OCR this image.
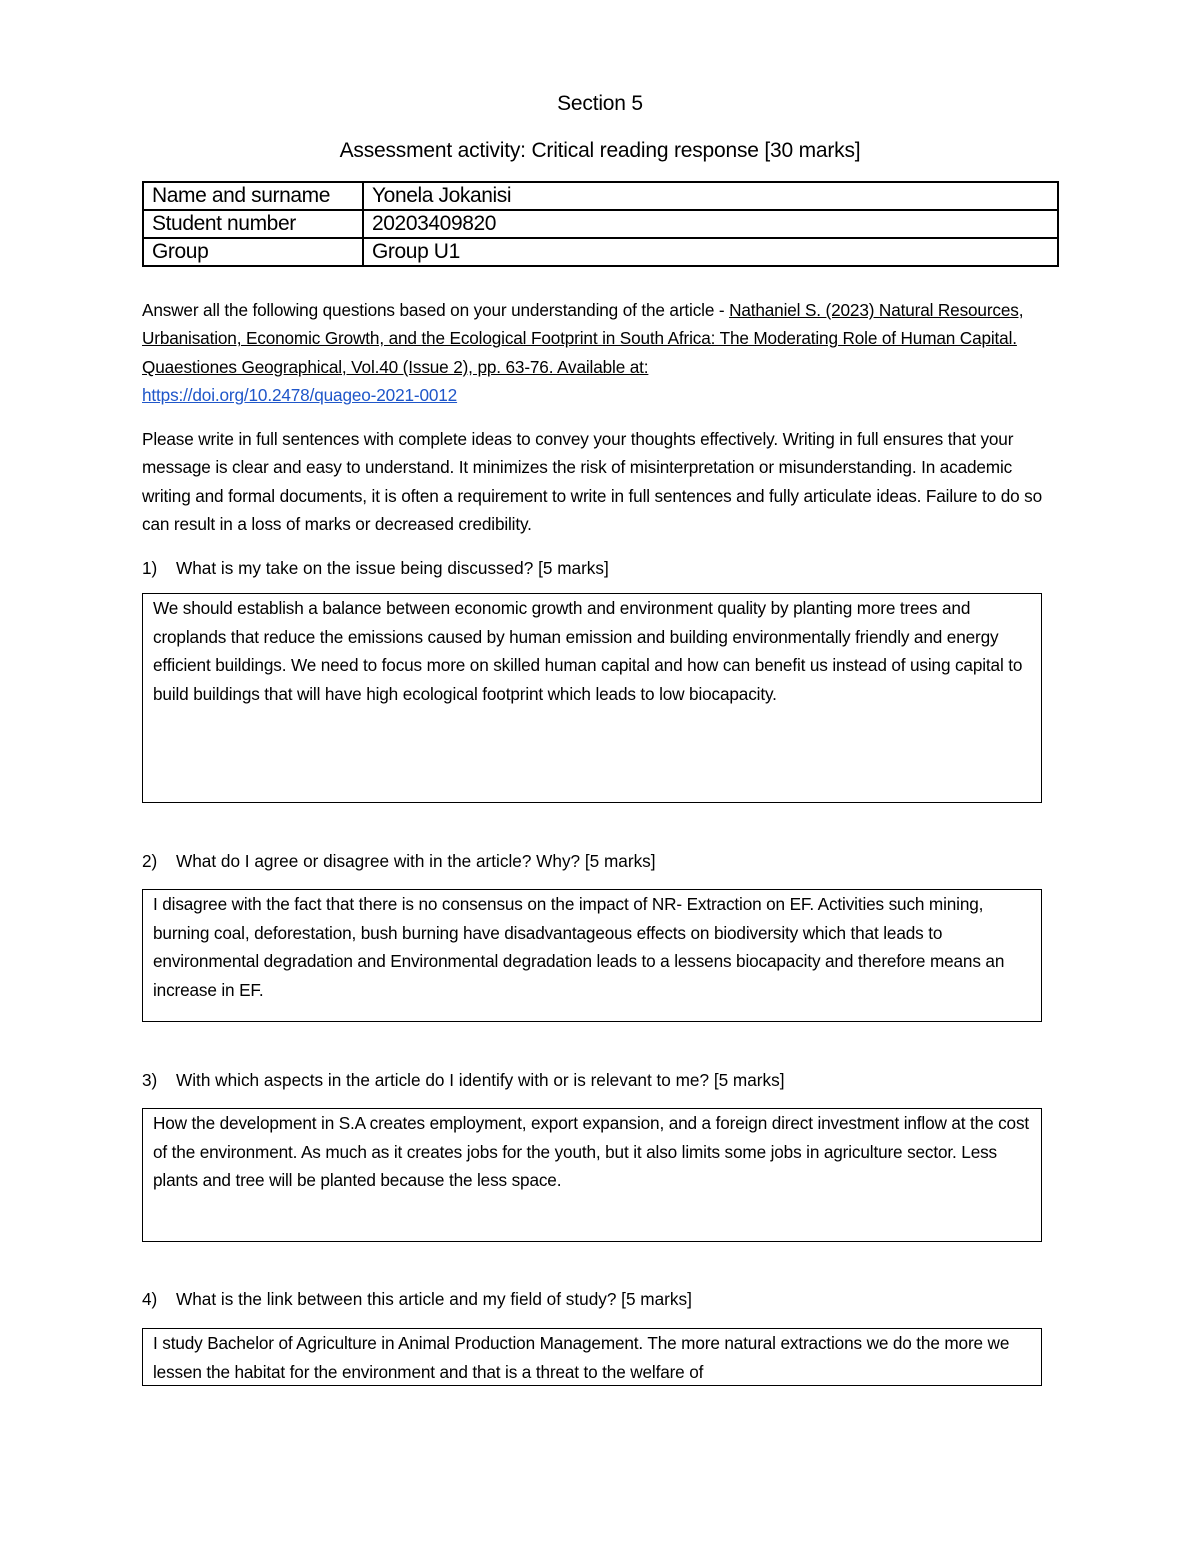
Section 5
Assessment activity: Critical reading response [30 marks]
Name and surname	Yonela Jokanisi
Student number	20203409820
Group	Group U1

Answer all the following questions based on your understanding of the article - Nathaniel S. (2023) Natural Resources, Urbanisation, Economic Growth, and the Ecological Footprint in South Africa: The Moderating Role of Human Capital. Quaestiones Geographical, Vol.40 (Issue 2), pp. 63-76. Available at:
https://doi.org/10.2478/quageo-2021-0012

Please write in full sentences with complete ideas to convey your thoughts effectively. Writing in full ensures that your message is clear and easy to understand. It minimizes the risk of misinterpretation or misunderstanding. In academic writing and formal documents, it is often a requirement to write in full sentences and fully articulate ideas. Failure to do so can result in a loss of marks or decreased credibility.

1) What is my take on the issue being discussed? [5 marks]
We should establish a balance between economic growth and environment quality by planting more trees and croplands that reduce the emissions caused by human emission and building environmentally friendly and energy efficient buildings. We need to focus more on skilled human capital and how can benefit us instead of using capital to build buildings that will have high ecological footprint which leads to low biocapacity.
2) What do I agree or disagree with in the article? Why? [5 marks]
I disagree with the fact that there is no consensus on the impact of NR- Extraction on EF. Activities such mining, burning coal, deforestation, bush burning have disadvantageous effects on biodiversity which that leads to environmental degradation and Environmental degradation leads to a lessens biocapacity and therefore means an increase in EF.
3) With which aspects in the article do I identify with or is relevant to me? [5 marks]
How the development in S.A creates employment, export expansion, and a foreign direct investment inflow at the cost of the environment. As much as it creates jobs for the youth, but it also limits some jobs in agriculture sector. Less plants and tree will be planted because the less space.
4) What is the link between this article and my field of study? [5 marks]
I study Bachelor of Agriculture in Animal Production Management. The more natural extractions we do the more we lessen the habitat for the environment and that is a threat to the welfare of
